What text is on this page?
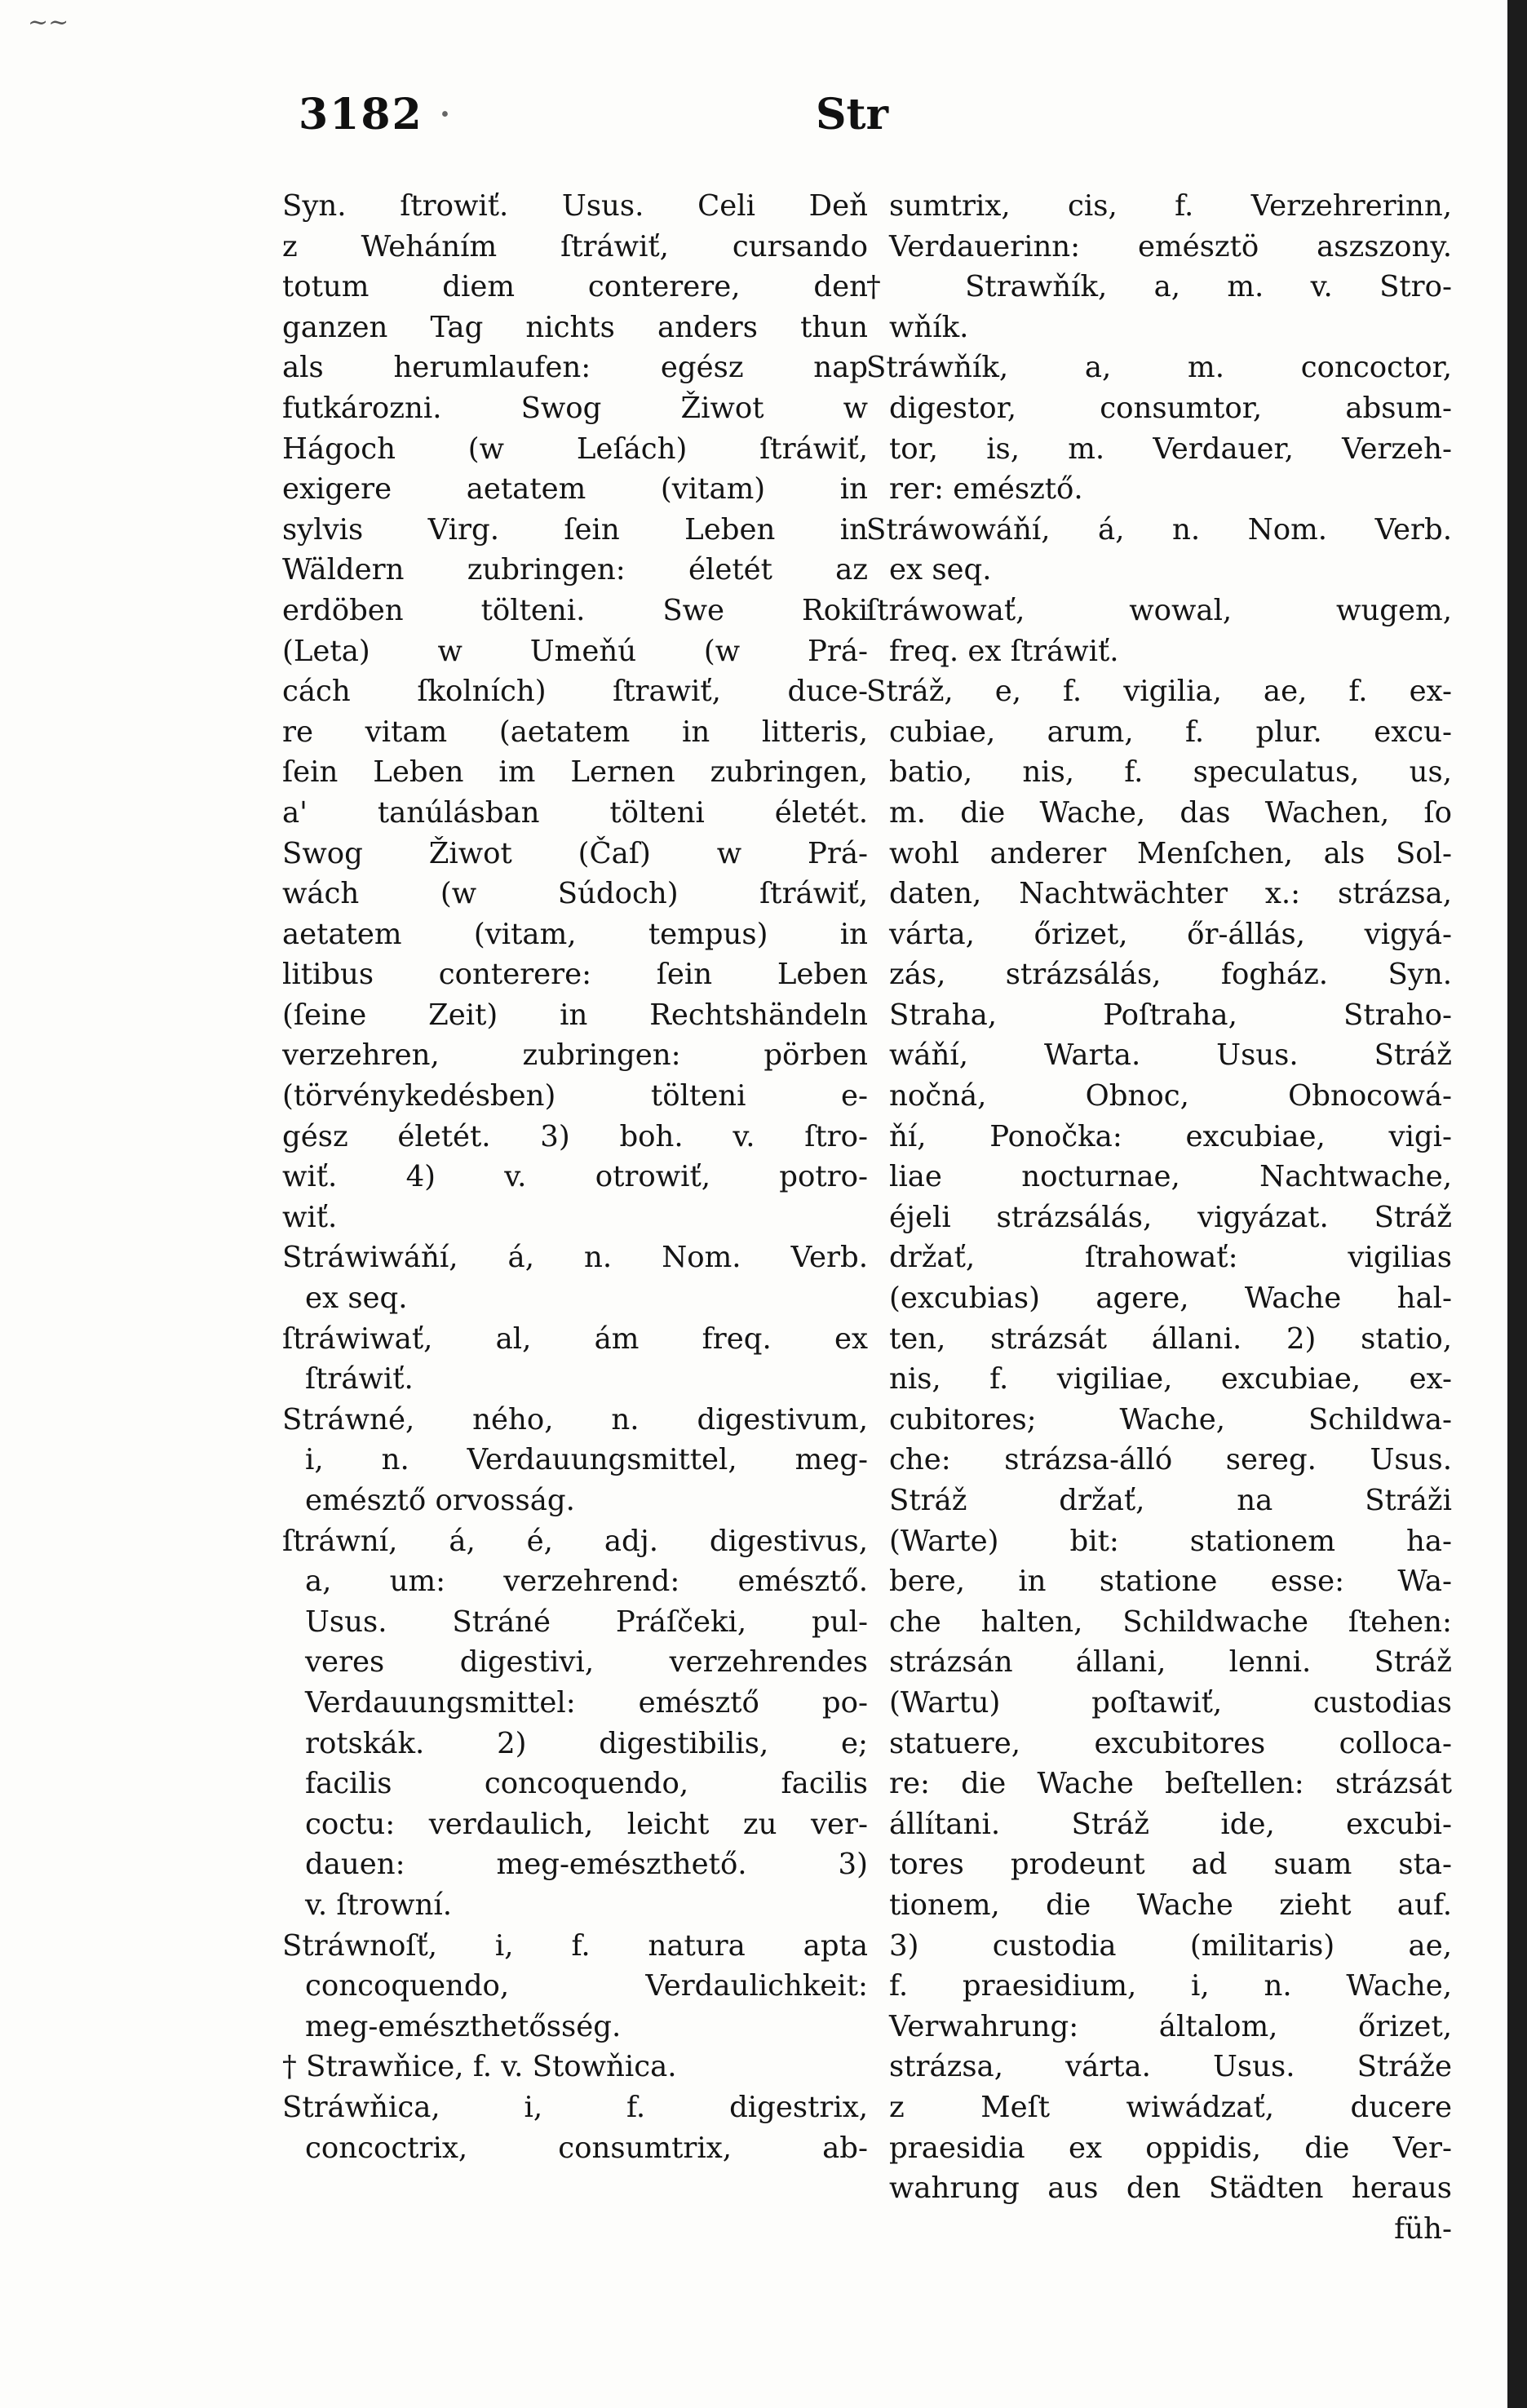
~~
3182 ·	Str
Syn. ſtrowiť. Usus. Celi Deň
z Weháním ſtráwiť, cursando
totum diem conterere, den
ganzen Tag nichts anders thun
als herumlaufen: egész nap
futkározni. Swog Žiwot w
Hágoch (w Leſách) ſtráwiť,
exigere aetatem (vitam) in
sylvis Virg. ſein Leben in
Wäldern zubringen: életét az
erdöben tölteni. Swe Roki
(Leta) w Umeňú (w Prá-
cách ſkolních) ſtrawiť, duce-
re vitam (aetatem in litteris,
ſein Leben im Lernen zubringen,
a' tanúlásban tölteni életét.
Swog Žiwot (Čaſ) w Prá-
wách (w Súdoch) ſtráwiť,
aetatem (vitam, tempus) in
litibus conterere: ſein Leben
(ſeine Zeit) in Rechtshändeln
verzehren, zubringen: pörben
(törvénykedésben) tölteni e-
gész életét. 3) boh. v. ſtro-
wiť. 4) v. otrowiť, potro-
wiť.
Stráwiwáňí, á, n. Nom. Verb.
ex seq.
ſtráwiwať, al, ám freq. ex
ſtráwiť.
Stráwné, ného, n. digestivum,
i, n. Verdauungsmittel, meg-
emésztő orvosság.
ſtráwní, á, é, adj. digestivus,
a, um: verzehrend: emésztő.
Usus. Stráné Práſčeki, pul-
veres digestivi, verzehrendes
Verdauungsmittel: emésztő po-
rotskák. 2) digestibilis, e;
facilis concoquendo, facilis
coctu: verdaulich, leicht zu ver-
dauen: meg-emészthető. 3)
v. ſtrowní.
Stráwnoſť, i, f. natura apta
concoquendo, Verdaulichkeit:
meg-emészthetősség.
† Strawňice, f. v. Stowňica.
Stráwňica, i, f. digestrix,
concoctrix, consumtrix, ab-
sumtrix, cis, f. Verzehrerinn,
Verdauerinn: emésztö aszszony.
† Strawňík, a, m. v. Stro-
wňík.
Stráwňík, a, m. concoctor,
digestor, consumtor, absum-
tor, is, m. Verdauer, Verzeh-
rer: emésztő.
Stráwowáňí, á, n. Nom. Verb.
ex seq.
ſtráwowať, wowal, wugem,
freq. ex ſtráwiť.
Stráž, e, f. vigilia, ae, f. ex-
cubiae, arum, f. plur. excu-
batio, nis, f. speculatus, us,
m. die Wache, das Wachen, ſo
wohl anderer Menſchen, als Sol-
daten, Nachtwächter x.: strázsa,
várta, őrizet, őr-állás, vigyá-
zás, strázsálás, fogház. Syn.
Straha, Poſtraha, Straho-
wáňí, Warta. Usus. Stráž
nočná, Obnoc, Obnocowá-
ňí, Ponočka: excubiae, vigi-
liae nocturnae, Nachtwache,
éjeli strázsálás, vigyázat. Stráž
držať, ſtrahowať: vigilias
(excubias) agere, Wache hal-
ten, strázsát állani. 2) statio,
nis, f. vigiliae, excubiae, ex-
cubitores; Wache, Schildwa-
che: strázsa-álló sereg. Usus.
Stráž držať, na Stráži
(Warte) bit: stationem ha-
bere, in statione esse: Wa-
che halten, Schildwache ſtehen:
strázsán állani, lenni. Stráž
(Wartu) poſtawiť, custodias
statuere, excubitores colloca-
re: die Wache beſtellen: strázsát
állítani. Stráž ide, excubi-
tores prodeunt ad suam sta-
tionem, die Wache zieht auf.
3) custodia (militaris) ae,
f. praesidium, i, n. Wache,
Verwahrung: általom, őrizet,
strázsa, várta. Usus. Stráže
z Meſt wiwádzať, ducere
praesidia ex oppidis, die Ver-
wahrung aus den Städten heraus
füh-
